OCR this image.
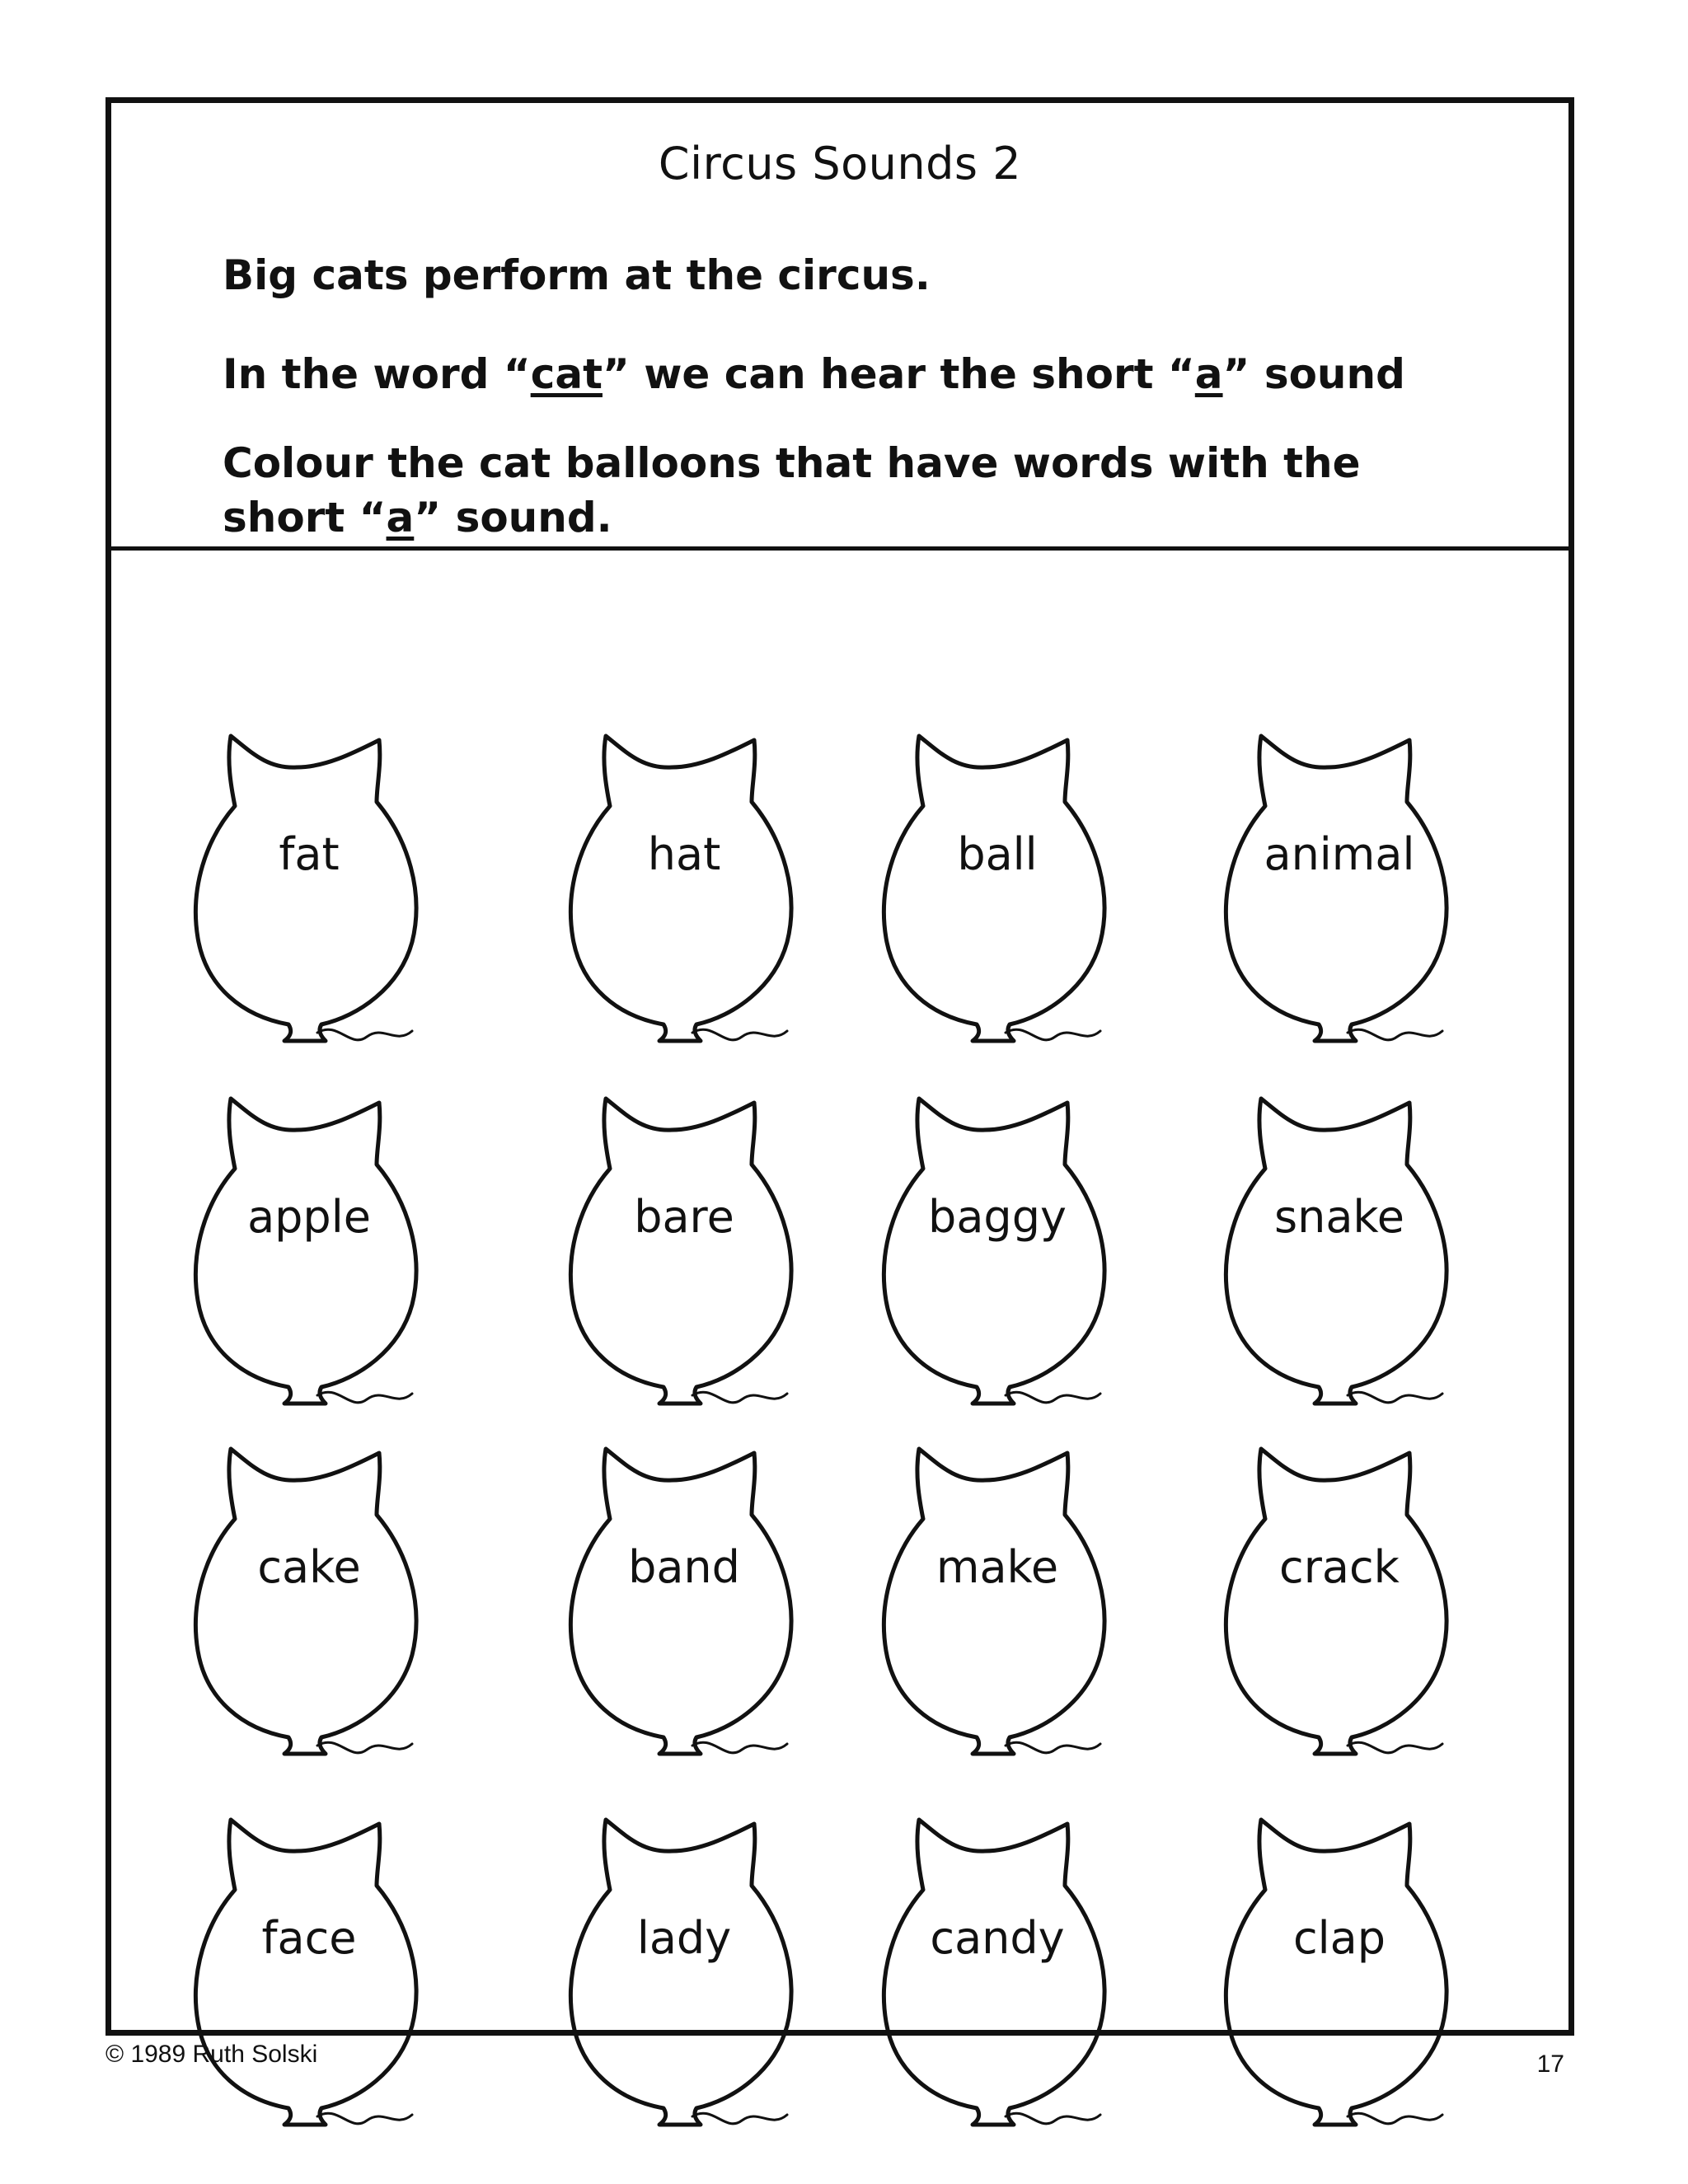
Circus Sounds 2
Big cats perform at the circus.
In the word “cat” we can hear the short “a” sound
Colour the cat balloons that have words with the short “a” sound.
fat	hat	ball	animal
apple	bare	baggy	snake
cake	band	make	crack
face	lady	candy	clap
© 1989 Ruth Solski	17
